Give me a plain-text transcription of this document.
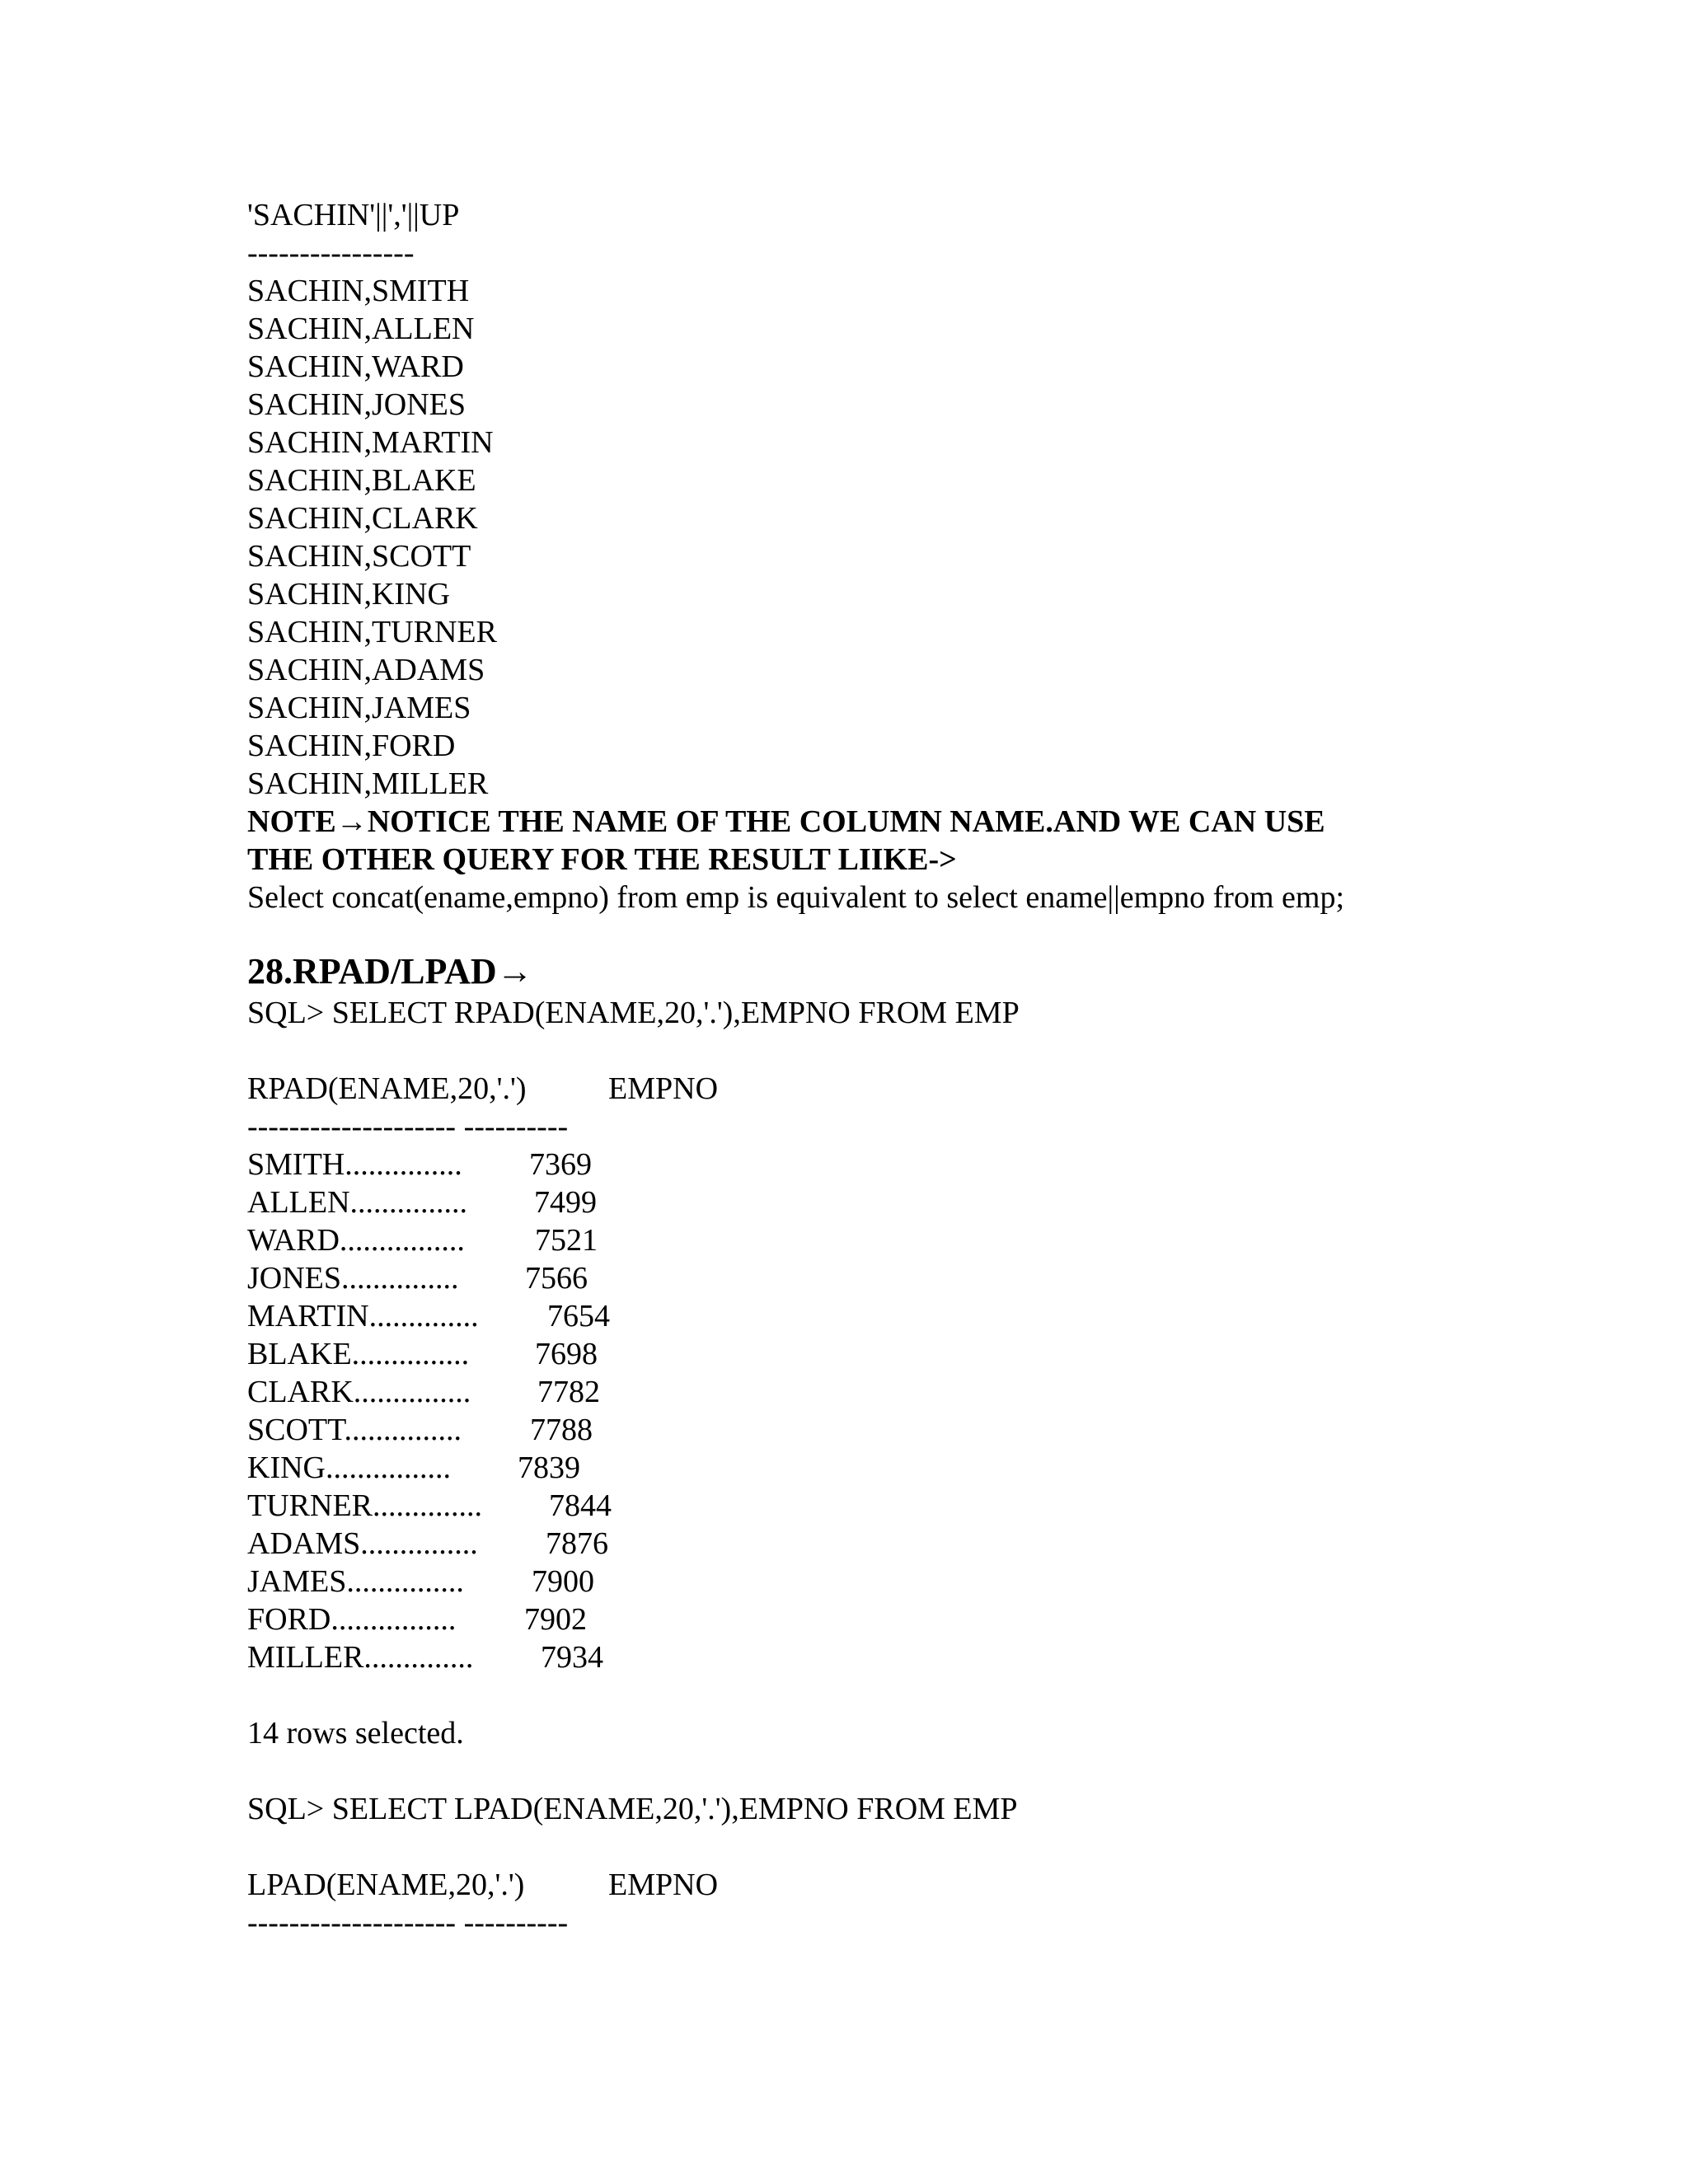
'SACHIN'||','||UP
----------------
SACHIN,SMITH
SACHIN,ALLEN
SACHIN,WARD
SACHIN,JONES
SACHIN,MARTIN
SACHIN,BLAKE
SACHIN,CLARK
SACHIN,SCOTT
SACHIN,KING
SACHIN,TURNER
SACHIN,ADAMS
SACHIN,JAMES
SACHIN,FORD
SACHIN,MILLER
NOTE→NOTICE THE NAME OF THE COLUMN NAME.AND WE CAN USE
THE OTHER QUERY FOR THE RESULT LIIKE->
Select concat(ename,empno) from emp is equivalent to select ename||empno from emp;
28.RPAD/LPAD→
SQL> SELECT RPAD(ENAME,20,'.'),EMPNO FROM EMP

RPAD(ENAME,20,'.')

	EMPNO

-------------------- ----------
SMITH............... 7369
ALLEN............... 7499
WARD................ 7521
JONES............... 7566
MARTIN.............. 7654
BLAKE............... 7698
CLARK............... 7782
SCOTT............... 7788
KING................ 7839
TURNER.............. 7844
ADAMS............... 7876
JAMES............... 7900
FORD................ 7902
MILLER.............. 7934
14 rows selected.
SQL> SELECT LPAD(ENAME,20,'.'),EMPNO FROM EMP

LPAD(ENAME,20,'.')

	EMPNO

-------------------- ----------
